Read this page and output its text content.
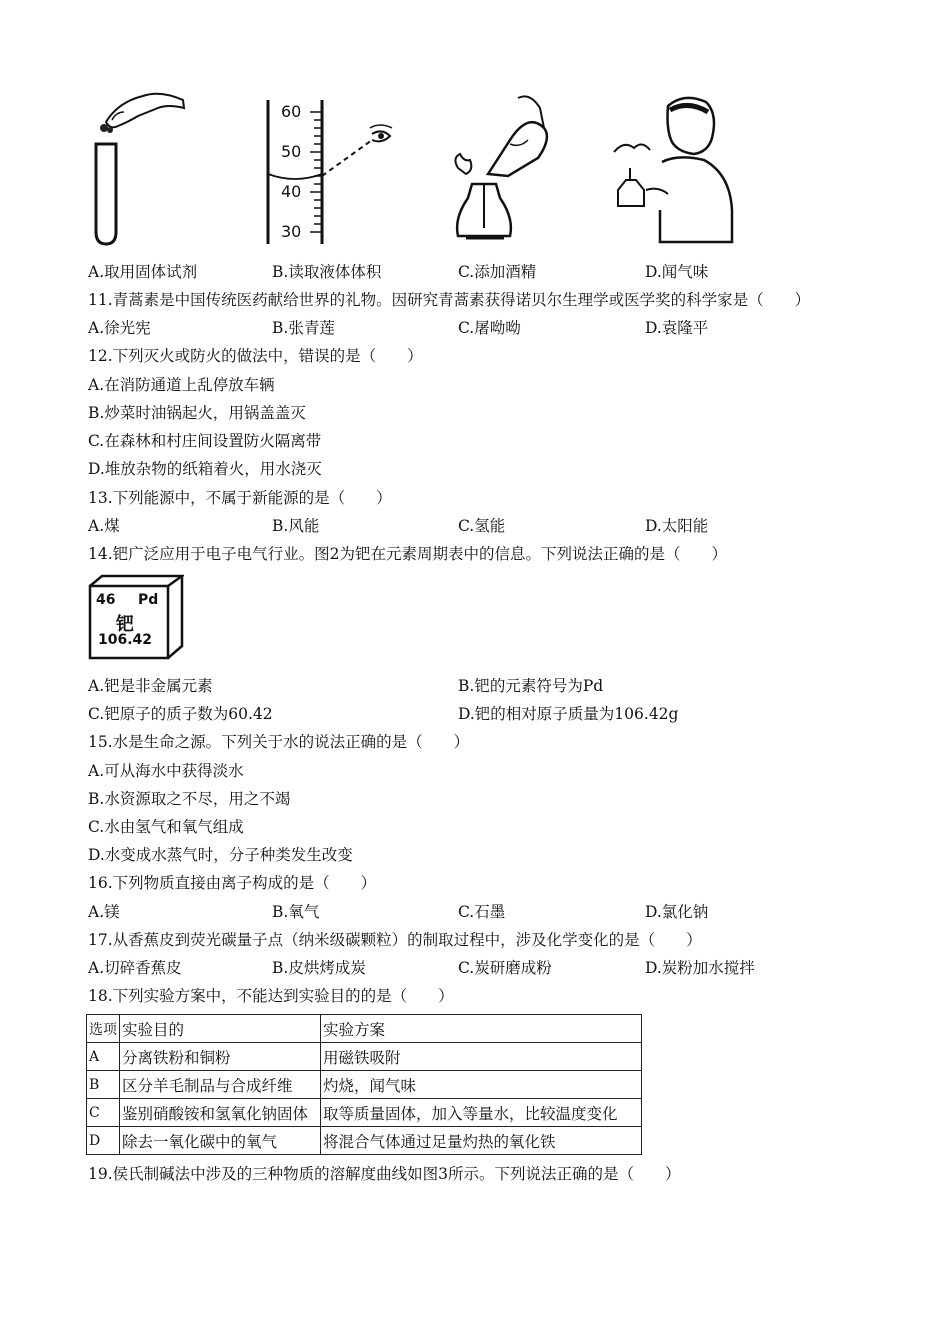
60
50
40
30
A.取用固体试剂	B.读取液体体积	C.添加酒精	D.闻气味
11.青蒿素是中国传统医药献给世界的礼物。因研究青蒿素获得诺贝尔生理学或医学奖的科学家是（　　）
A.徐光宪	B.张青莲	C.屠呦呦	D.袁隆平
12.下列灭火或防火的做法中，错误的是（　　）
A.在消防通道上乱停放车辆
B.炒菜时油锅起火，用锅盖盖灭
C.在森林和村庄间设置防火隔离带
D.堆放杂物的纸箱着火，用水浇灭
13.下列能源中，不属于新能源的是（　　）
A.煤	B.风能	C.氢能	D.太阳能
14.钯广泛应用于电子电气行业。图2为钯在元素周期表中的信息。下列说法正确的是（　　）
46 Pd
钯
106.42
A.钯是非金属元素	B.钯的元素符号为Pd
C.钯原子的质子数为60.42	D.钯的相对原子质量为106.42g
15.水是生命之源。下列关于水的说法正确的是（　　）
A.可从海水中获得淡水
B.水资源取之不尽，用之不竭
C.水由氢气和氧气组成
D.水变成水蒸气时，分子种类发生改变
16.下列物质直接由离子构成的是（　　）
A.镁	B.氧气	C.石墨	D.氯化钠
17.从香蕉皮到荧光碳量子点（纳米级碳颗粒）的制取过程中，涉及化学变化的是（　　）
A.切碎香蕉皮	B.皮烘烤成炭	C.炭研磨成粉	D.炭粉加水搅拌
18.下列实验方案中，不能达到实验目的的是（　　）
选项	实验目的	实验方案
A	分离铁粉和铜粉	用磁铁吸附
B	区分羊毛制品与合成纤维	灼烧，闻气味
C	鉴别硝酸铵和氢氧化钠固体	取等质量固体，加入等量水，比较温度变化
D	除去一氧化碳中的氧气	将混合气体通过足量灼热的氧化铁
19.侯氏制碱法中涉及的三种物质的溶解度曲线如图3所示。下列说法正确的是（　　）
